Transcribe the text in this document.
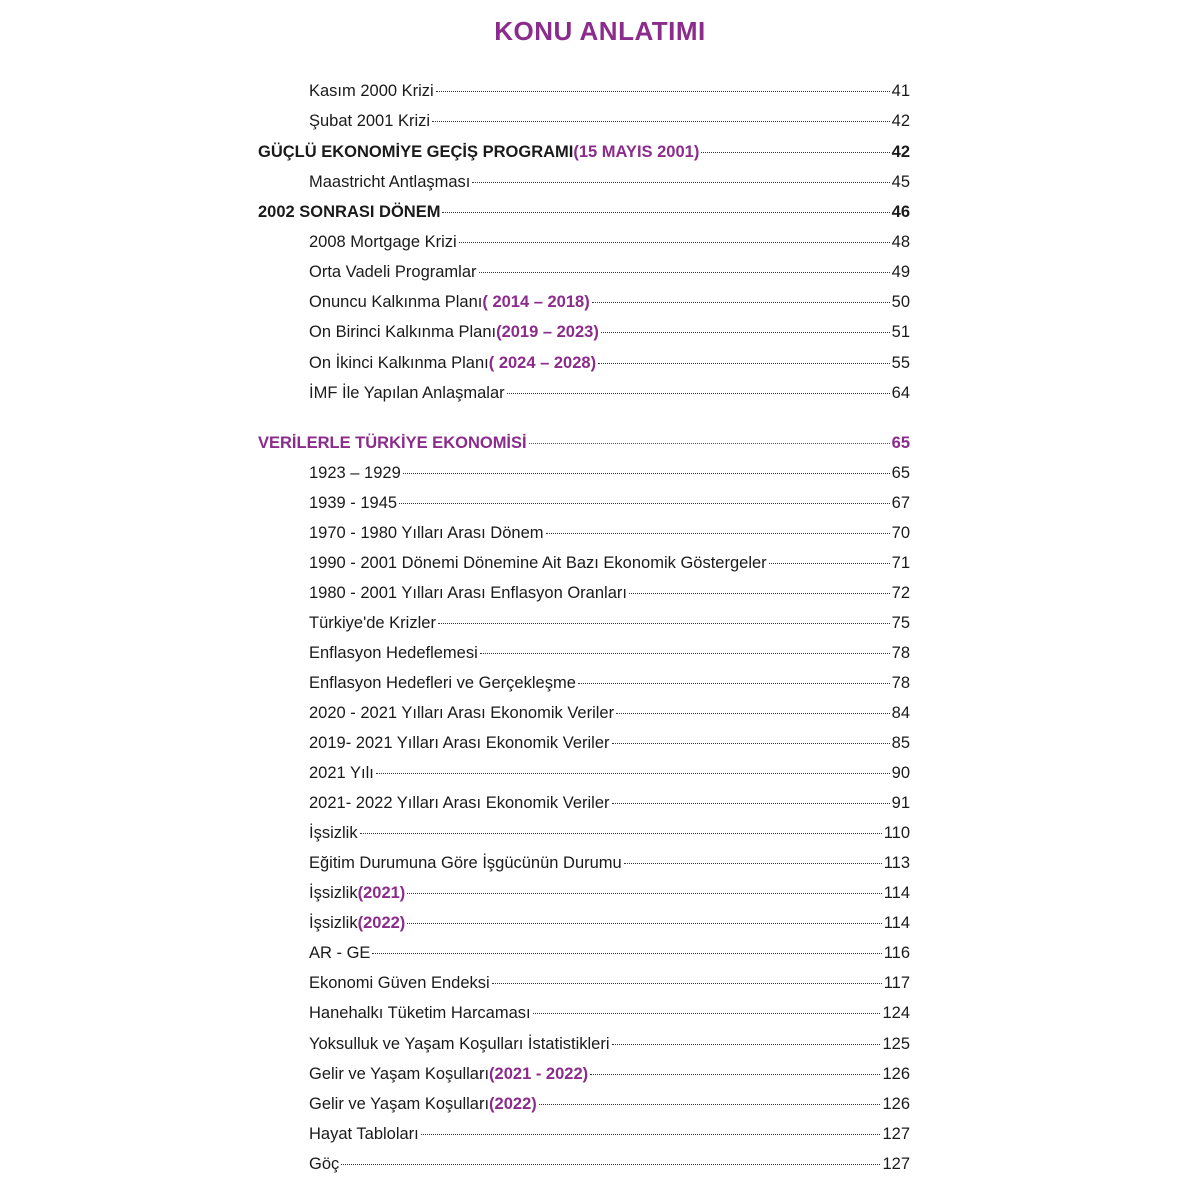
KONU ANLATIMI
Kasım 2000 Krizi	41
Şubat 2001 Krizi	42
GÜÇLÜ EKONOMİYE GEÇİŞ PROGRAMI (15 MAYIS 2001)	42
Maastricht Antlaşması	45
2002 SONRASI DÖNEM	46
2008 Mortgage Krizi	48
Orta Vadeli Programlar	49
Onuncu Kalkınma Planı ( 2014 – 2018)	50
On Birinci Kalkınma Planı (2019 – 2023)	51
On İkinci Kalkınma Planı ( 2024 – 2028)	55
İMF İle Yapılan Anlaşmalar	64
VERİLERLE TÜRKİYE EKONOMİSİ	65
1923 – 1929	65
1939 - 1945	67
1970 - 1980 Yılları Arası Dönem	70
1990 - 2001 Dönemi Dönemine Ait Bazı Ekonomik Göstergeler	71
1980 - 2001 Yılları Arası Enflasyon Oranları	72
Türkiye'de Krizler	75
Enflasyon Hedeflemesi	78
Enflasyon Hedefleri ve Gerçekleşme	78
2020 - 2021 Yılları Arası Ekonomik Veriler	84
2019- 2021 Yılları Arası Ekonomik Veriler	85
2021 Yılı	90
2021- 2022 Yılları Arası Ekonomik Veriler	91
İşsizlik	110
Eğitim Durumuna Göre İşgücünün Durumu	113
İşsizlik (2021)	114
İşsizlik (2022)	114
AR - GE	116
Ekonomi Güven Endeksi	117
Hanehalkı Tüketim Harcaması	124
Yoksulluk ve Yaşam Koşulları İstatistikleri	125
Gelir ve Yaşam Koşulları (2021 - 2022)	126
Gelir ve Yaşam Koşulları (2022)	126
Hayat Tabloları	127
Göç	127
